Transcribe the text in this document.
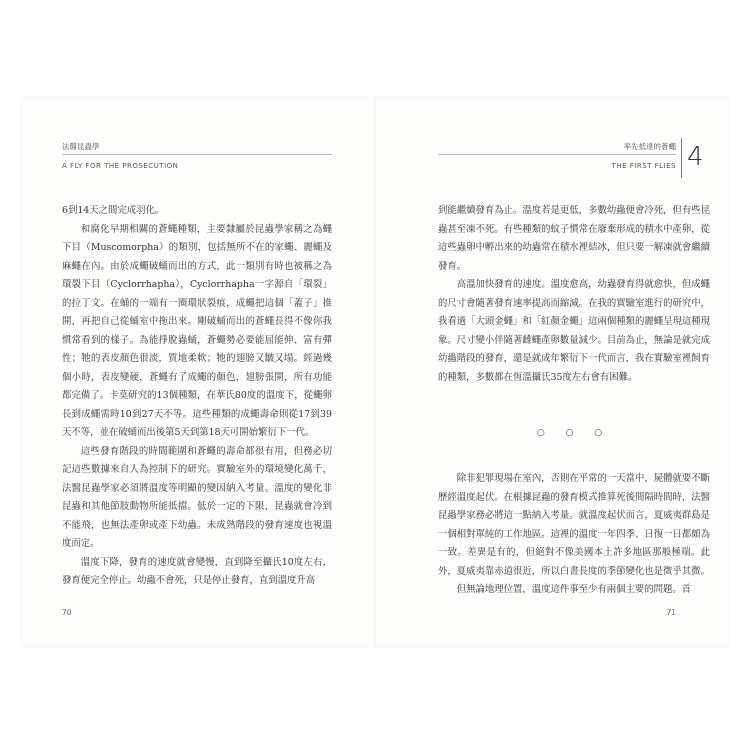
法醫昆蟲學
A FLY FOR THE PROSECUTION

6到14天之間完成羽化。

和腐化早期相關的蒼蠅種類，主要隸屬於昆蟲學家稱之為蠅下目（Muscomorpha）的類別，包括無所不在的家蠅、麗蠅及麻蠅在內。由於成蠅破蛹而出的方式，此一類別有時也被稱之為環裂下目（Cyclorrhapha），Cyclorrhapha一字源自「環裂」的拉丁文。在蛹的一端有一圈環狀裂痕，成蠅把這個「蓋子」推開，再把自己從蛹室中拖出來。剛破蛹而出的蒼蠅長得不像你我慣常看到的樣子。為能掙脫蟲蛹，蒼蠅勢必要能屈能伸、富有彈性；牠的表皮顏色很淡，質地柔軟；牠的翅膀又皺又塌。經過幾個小時，表皮變硬，蒼蠅有了成蠅的顏色，翅膀張開，所有功能都完備了。卡莫研究的13個種類，在華氏80度的溫度下，從蠅卵長到成蠅需時10到27天不等。這些種類的成蠅壽命則從17到39天不等，並在破蛹而出後第5天到第18天可開始繁衍下一代。

這些發育階段的時間範圍和蒼蠅的壽命都很有用，但務必切記這些數據來自人為控制下的研究。實驗室外的環境變化萬千，法醫昆蟲學家必須將溫度等明顯的變因納入考量。溫度的變化非昆蟲和其他節肢動物所能抵擋。低於一定的下限，昆蟲就會冷到不能飛，也無法產卵或產下幼蟲。未成熟階段的發育速度也視溫度而定。

溫度下降，發育的速度就會變慢，直到降至攝氏10度左右，發育便完全停止。幼蟲不會死，只是停止發育，直到溫度升高

70
率先抵達的蒼蠅
THE FIRST FLIES 4

到能繼續發育為止。溫度若是更低，多數幼蟲便會冷死，但有些昆蟲甚至凍不死。有些種類的蚊子慣常在廢棄形成的積水中產卵，從這些蟲卵中孵出來的幼蟲常在積水裡結冰，但只要一解凍就會繼續發育。

高溫加快發育的速度。溫度愈高，幼蟲發育得就愈快，但成蠅的尺寸會隨著發育速率提高而縮減。在我的實驗室進行的研究中，我看過「大頭金蠅」和「紅顏金蠅」這兩個種類的麗蠅呈現這種現象。尺寸變小伴隨著雌蠅產卵數量減少。目前為止，無論是就完成幼蟲階段的發育，還是就成年繁衍下一代而言，我在實驗室裡飼育的種類，多數都在恆溫攝氏35度左右會有困難。

○ ○ ○

除非犯罪現場在室內，否則在平常的一天當中，屍體就要不斷歷經溫度起伏。在根據昆蟲的發育模式推算死後間隔時間時，法醫昆蟲學家務必將這一點納入考量。就溫度起伏而言，夏威夷群島是一個相對單純的工作地區。這裡的溫度一年四季、日復一日都頗為一致。差異是有的，但絕對不像美國本土許多地區那般極端。此外，夏威夷靠赤道很近，所以白晝長度的季節變化也是微乎其微。

但無論地理位置，溫度這件事至少有兩個主要的問題。首

71
